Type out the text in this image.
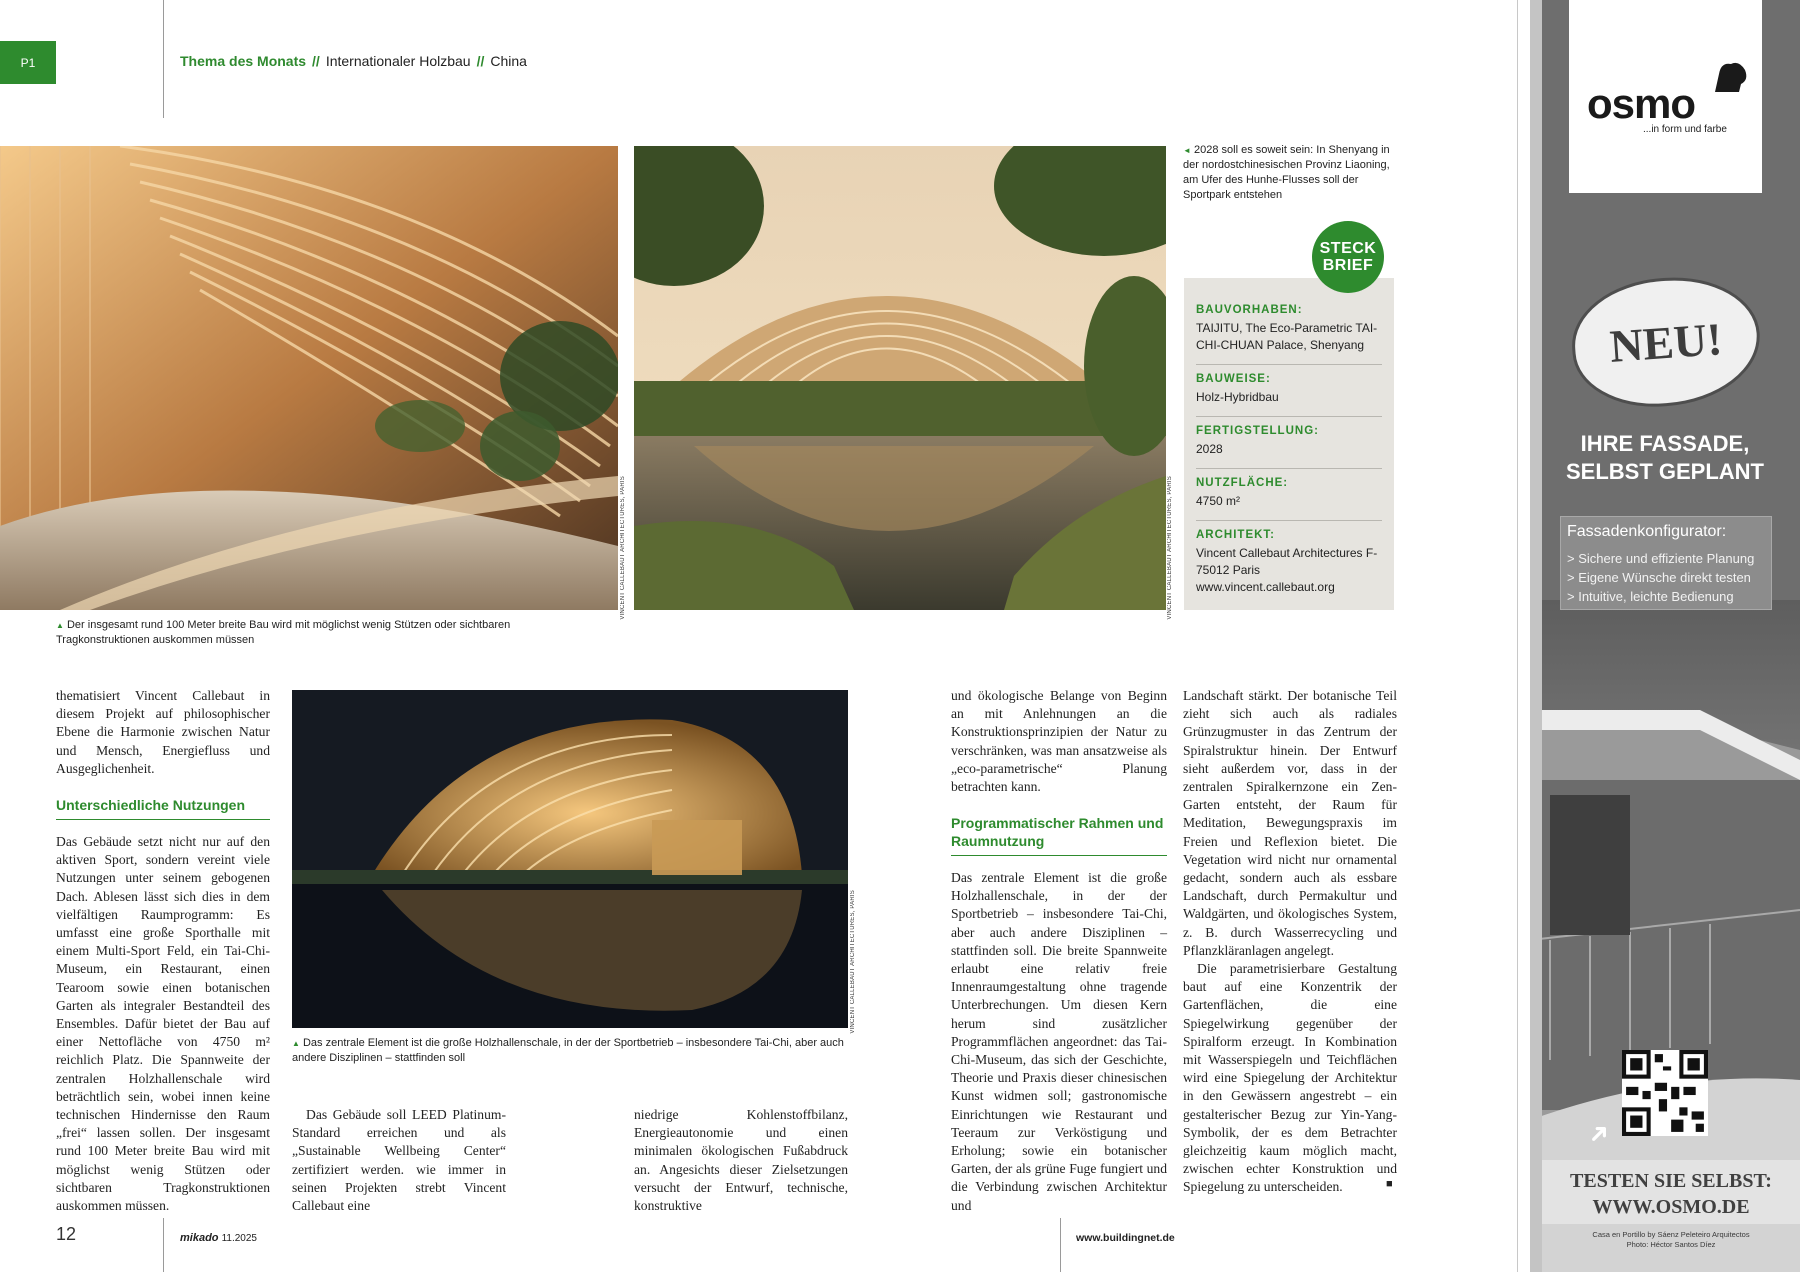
P1	Thema des Monats // Internationaler Holzbau // China
VINCENT CALLEBAUT ARCHITECTURES, PARIS	VINCENT CALLEBAUT ARCHITECTURES, PARIS
▲ Der insgesamt rund 100 Meter breite Bau wird mit möglichst wenig Stützen oder sichtbaren Tragkonstruktionen auskommen müssen
◄ 2028 soll es soweit sein: In Shenyang in der nordostchinesischen Provinz Liaoning, am Ufer des Hunhe-Flusses soll der Sportpark entstehen
BAUVORHABEN:
TAIJITU, The Eco-Parametric TAI-CHI-CHUAN Palace, Shenyang
BAUWEISE:
Holz-Hybridbau
FERTIGSTELLUNG:
2028
NUTZFLÄCHE:
4750 m²
ARCHITEKT:
Vincent Callebaut Architectures F-75012 Paris www.vincent.callebaut.org
STECK
BRIEF

thematisiert Vincent Callebaut in diesem Projekt auf philosophischer Ebene die Harmonie zwischen Natur und Mensch, Energiefluss und Ausgeglichenheit.

Unterschiedliche Nutzungen

Das Gebäude setzt nicht nur auf den aktiven Sport, sondern vereint viele Nutzungen unter seinem gebogenen Dach. Ablesen lässt sich dies in dem vielfältigen Raumprogramm: Es umfasst eine große Sporthalle mit einem Multi-Sport Feld, ein Tai-Chi-Museum, ein Restaurant, einen Tearoom sowie einen botanischen Garten als integraler Bestandteil des Ensembles. Dafür bietet der Bau auf einer Nettofläche von 4750 m² reichlich Platz. Die Spannweite der zentralen Holzhallenschale wird beträchtlich sein, wobei innen keine technischen Hindernisse den Raum „frei“ lassen sollen. Der insgesamt rund 100 Meter breite Bau wird mit möglichst wenig Stützen oder sichtbaren Tragkonstruktionen auskommen müssen.

VINCENT CALLEBAUT ARCHITECTURES, PARIS
▲ Das zentrale Element ist die große Holzhallenschale, in der der Sportbetrieb – insbesondere Tai-Chi, aber auch andere Disziplinen – stattfinden soll

Das Gebäude soll LEED Platinum-Standard erreichen und als „Sustainable Wellbeing Center“ zertifiziert werden. wie immer in seinen Projekten strebt Vincent Callebaut eine

niedrige Kohlenstoffbilanz, Energieautonomie und einen minimalen ökologischen Fußabdruck an. Angesichts dieser Zielsetzungen versucht der Entwurf, technische, konstruktive

und ökologische Belange von Beginn an mit Anlehnungen an die Konstruktionsprinzipien der Natur zu verschränken, was man ansatzweise als „eco-parametrische“ Planung betrachten kann.

Programmatischer Rahmen und Raumnutzung

Das zentrale Element ist die große Holzhallenschale, in der der Sportbetrieb – insbesondere Tai-Chi, aber auch andere Disziplinen – stattfinden soll. Die breite Spannweite erlaubt eine relativ freie Innenraumgestaltung ohne tragende Unterbrechungen. Um diesen Kern herum sind zusätzlicher Programmflächen angeordnet: das Tai-Chi-Museum, das sich der Geschichte, Theorie und Praxis dieser chinesischen Kunst widmen soll; gastronomische Einrichtungen wie Restaurant und Teeraum zur Verköstigung und Erholung; sowie ein botanischer Garten, der als grüne Fuge fungiert und die Verbindung zwischen Architektur und

Landschaft stärkt. Der botanische Teil zieht sich auch als radiales Grünzugmuster in das Zentrum der Spiralstruktur hinein. Der Entwurf sieht außerdem vor, dass in der zentralen Spiralkernzone ein Zen-Garten entsteht, der Raum für Meditation, Bewegungspraxis im Freien und Reflexion bietet. Die Vegetation wird nicht nur ornamental gedacht, sondern auch als essbare Landschaft, durch Permakultur und Waldgärten, und ökologisches System, z. B. durch Wasserrecycling und Pflanzkläranlagen angelegt.

Die parametrisierbare Gestaltung baut auf eine Konzentrik der Gartenflächen, die eine Spiegelwirkung gegenüber der Spiralform erzeugt. In Kombination mit Wasserspiegeln und Teichflächen wird eine Spiegelung der Architektur in den Gewässern angestrebt – ein gestalterischer Bezug zur Yin-Yang-Symbolik, der es dem Betrachter gleichzeitig kaum möglich macht, zwischen echter Konstruktion und Spiegelung zu unterscheiden.	■
12	mikado 11.2025	www.buildingnet.de
osmo
...in form und farbe
NEU!
IHRE FASSADE,
SELBST GEPLANT
Fassadenkonfigurator:
> Sichere und effiziente Planung
> Eigene Wünsche direkt testen
> Intuitive, leichte Bedienung
➜
TESTEN SIE SELBST:
WWW.OSMO.DE
Casa en Portillo by Sáenz Peleteiro Arquitectos
Photo: Héctor Santos Díez
